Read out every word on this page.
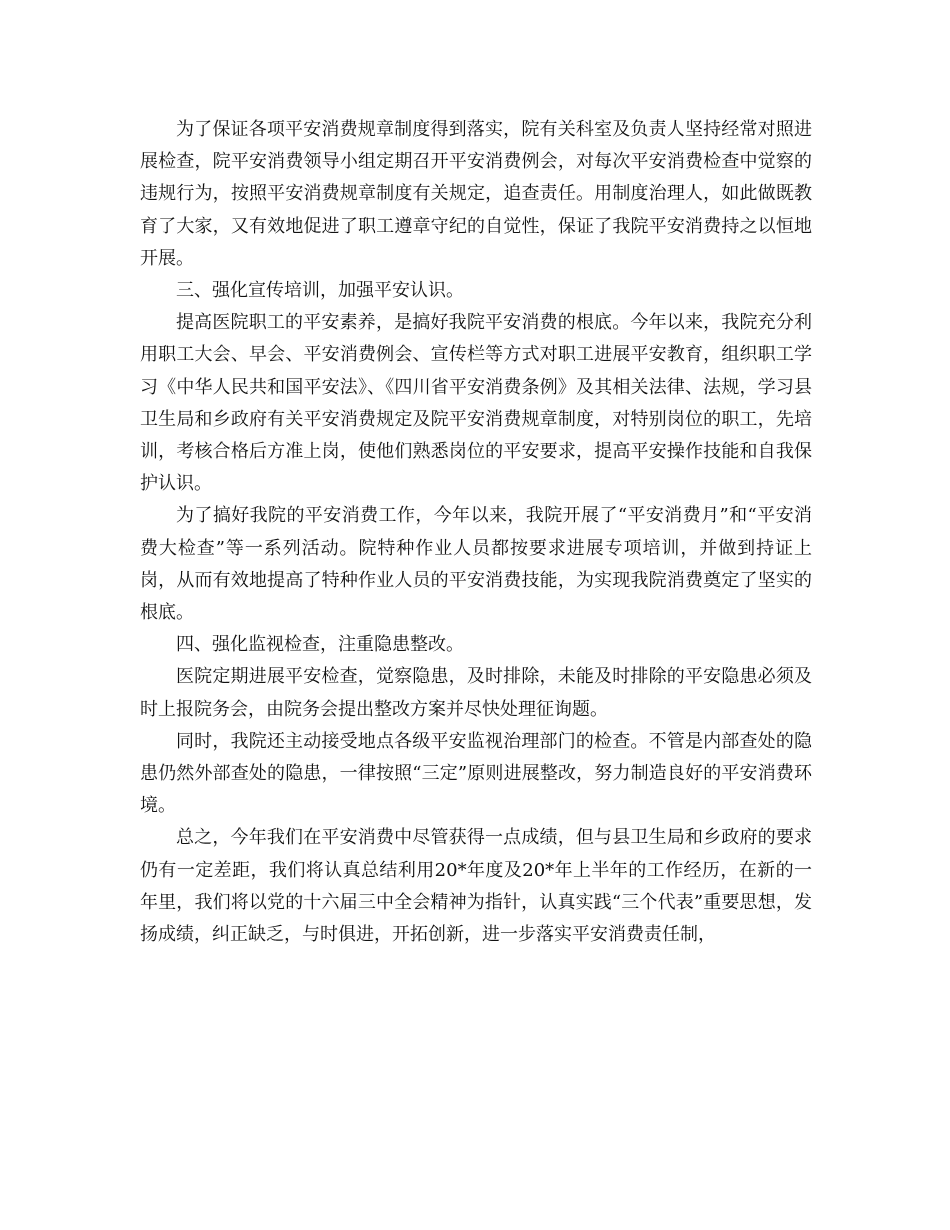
为了保证各项平安消费规章制度得到落实，院有关科室及负责人坚持经常对照进展检查，院平安消费领导小组定期召开平安消费例会，对每次平安消费检查中觉察的违规行为，按照平安消费规章制度有关规定，追查责任。用制度治理人，如此做既教育了大家，又有效地促进了职工遵章守纪的自觉性，保证了我院平安消费持之以恒地开展。

三、强化宣传培训，加强平安认识。

提高医院职工的平安素养，是搞好我院平安消费的根底。今年以来，我院充分利用职工大会、早会、平安消费例会、宣传栏等方式对职工进展平安教育，组织职工学习《中华人民共和国平安法》、《四川省平安消费条例》及其相关法律、法规，学习县卫生局和乡政府有关平安消费规定及院平安消费规章制度，对特别岗位的职工，先培训，考核合格后方准上岗，使他们熟悉岗位的平安要求，提高平安操作技能和自我保护认识。

为了搞好我院的平安消费工作，今年以来，我院开展了“平安消费月”和“平安消费大检查”等一系列活动。院特种作业人员都按要求进展专项培训，并做到持证上岗，从而有效地提高了特种作业人员的平安消费技能，为实现我院消费奠定了坚实的根底。

四、强化监视检查，注重隐患整改。

医院定期进展平安检查，觉察隐患，及时排除，未能及时排除的平安隐患必须及时上报院务会，由院务会提出整改方案并尽快处理征询题。

同时，我院还主动接受地点各级平安监视治理部门的检查。不管是内部查处的隐患仍然外部查处的隐患，一律按照“三定”原则进展整改，努力制造良好的平安消费环境。

总之，今年我们在平安消费中尽管获得一点成绩，但与县卫生局和乡政府的要求仍有一定差距，我们将认真总结利用20*年度及20*年上半年的工作经历，在新的一年里，我们将以党的十六届三中全会精神为指针，认真实践“三个代表”重要思想，发扬成绩，纠正缺乏，与时俱进，开拓创新，进一步落实平安消费责任制，
